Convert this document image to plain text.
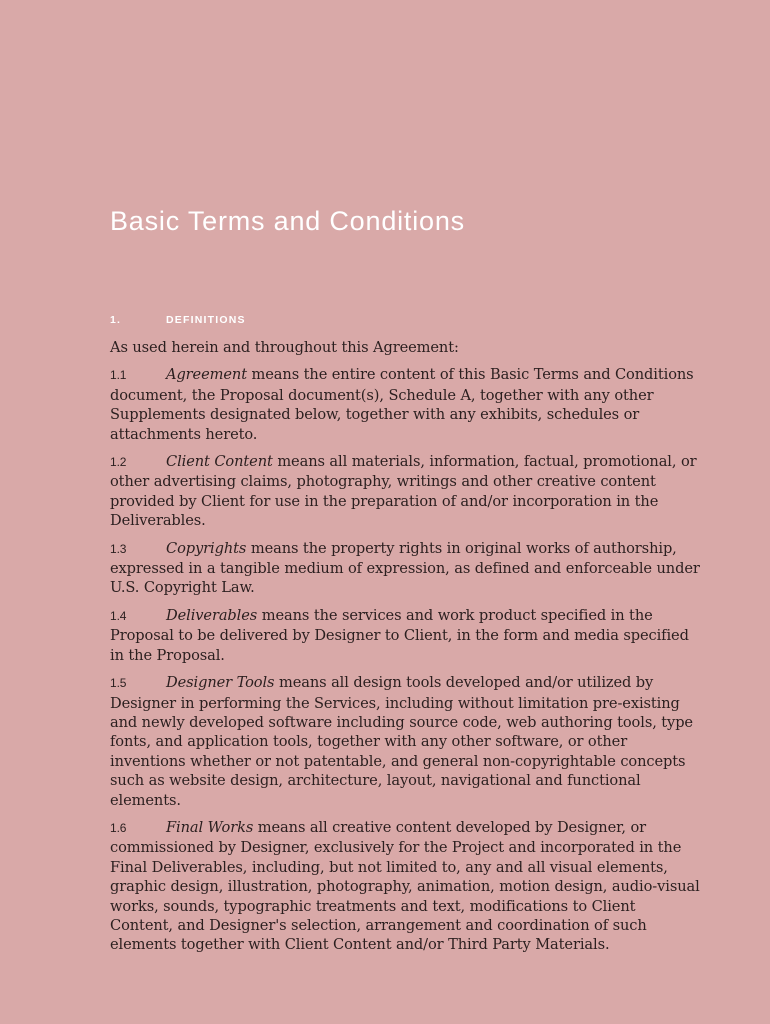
Basic Terms and Conditions
1.	DEFINITIONS

As used herein and throughout this Agreement:

1.1	Agreement means the entire content of this Basic Terms and Conditions document, the Proposal document(s), Schedule A, together with any other Supplements designated below, together with any exhibits, schedules or attachments hereto.

1.2	Client Content means all materials, information, factual, promotional, or other advertising claims, photography, writings and other creative content provided by Client for use in the preparation of and/or incorporation in the Deliverables.

1.3	Copyrights means the property rights in original works of authorship, expressed in a tangible medium of expression, as defined and enforceable under U.S. Copyright Law.

1.4	Deliverables means the services and work product specified in the Proposal to be delivered by Designer to Client, in the form and media specified in the Proposal.

1.5	Designer Tools means all design tools developed and/or utilized by Designer in performing the Services, including without limitation pre-existing and newly developed software including source code, web authoring tools, type fonts, and application tools, together with any other software, or other inventions whether or not patentable, and general non-copyrightable concepts such as website design, architecture, layout, navigational and functional elements.

1.6	Final Works means all creative content developed by Designer, or commissioned by Designer, exclusively for the Project and incorporated in the Final Deliverables, including, but not limited to, any and all visual elements, graphic design, illustration, photography, animation, motion design, audio-visual works, sounds, typographic treatments and text, modifications to Client Content, and Designer's selection, arrangement and coordination of such elements together with Client Content and/or Third Party Materials.
